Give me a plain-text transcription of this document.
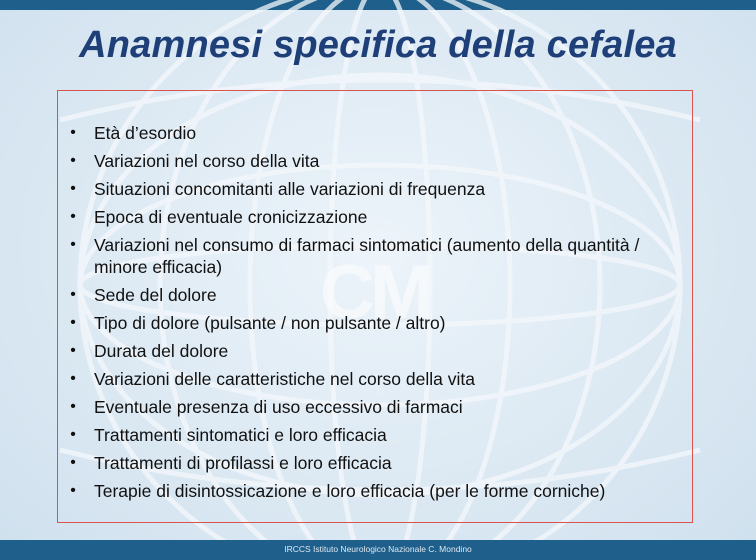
C
M
Anamnesi specifica della cefalea
• Età d’esordio
• Variazioni nel corso della vita
• Situazioni concomitanti alle variazioni di frequenza
• Epoca di eventuale cronicizzazione
• Variazioni nel consumo di farmaci sintomatici (aumento della quantità / minore efficacia)
• Sede del dolore
• Tipo di dolore (pulsante / non pulsante / altro)
• Durata del dolore
• Variazioni delle caratteristiche nel corso della vita
• Eventuale presenza di uso eccessivo di farmaci
• Trattamenti sintomatici e loro efficacia
• Trattamenti di profilassi e loro efficacia
• Terapie di disintossicazione e loro efficacia (per le forme corniche)
IRCCS Istituto Neurologico Nazionale C. Mondino
